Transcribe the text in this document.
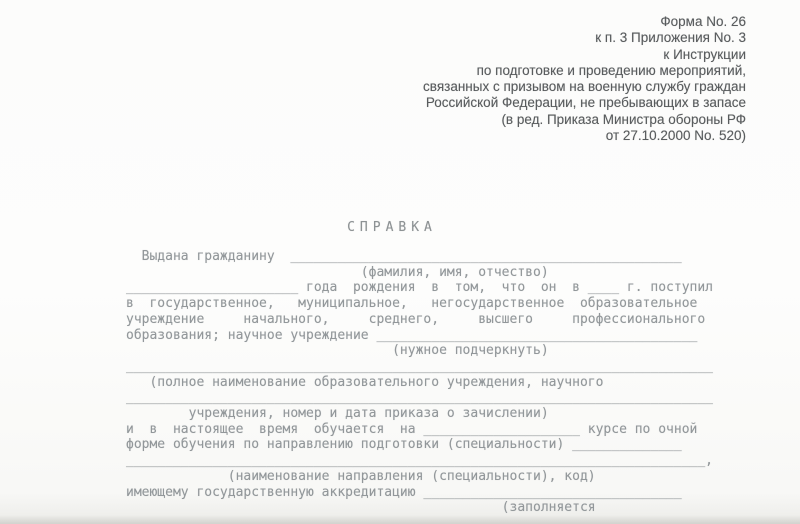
Форма No. 26
к п. 3 Приложения No. 3
к Инструкции
по подготовке и проведению мероприятий,
связанных с призывом на военную службу граждан
Российской Федерации, не пребывающих в запасе
(в ред. Приказа Министра обороны РФ
от 27.10.2000 No. 520)
СПРАВКА
Выдана гражданину  __________________________________________________
(фамилия, имя, отчество)
______________________ года  рождения  в  том,  что  он  в ____ г. поступил
в  государственное,   муниципальное,   негосударственное  образовательное
учреждение     начального,     среднего,     высшего     профессионального
образования; научное учреждение _________________________________________
(нужное подчеркнуть)
___________________________________________________________________________
(полное наименование образовательного учреждения, научного
___________________________________________________________________________
учреждения, номер и дата приказа о зачислении)
и  в  настоящее  время  обучается  на ____________________ курсе по очной
форме обучения по направлению подготовки (специальности) ______________
__________________________________________________________________________,
(наименование направления (специальности), код)
имеющему государственную аккредитацию _________________________________
(заполняется
